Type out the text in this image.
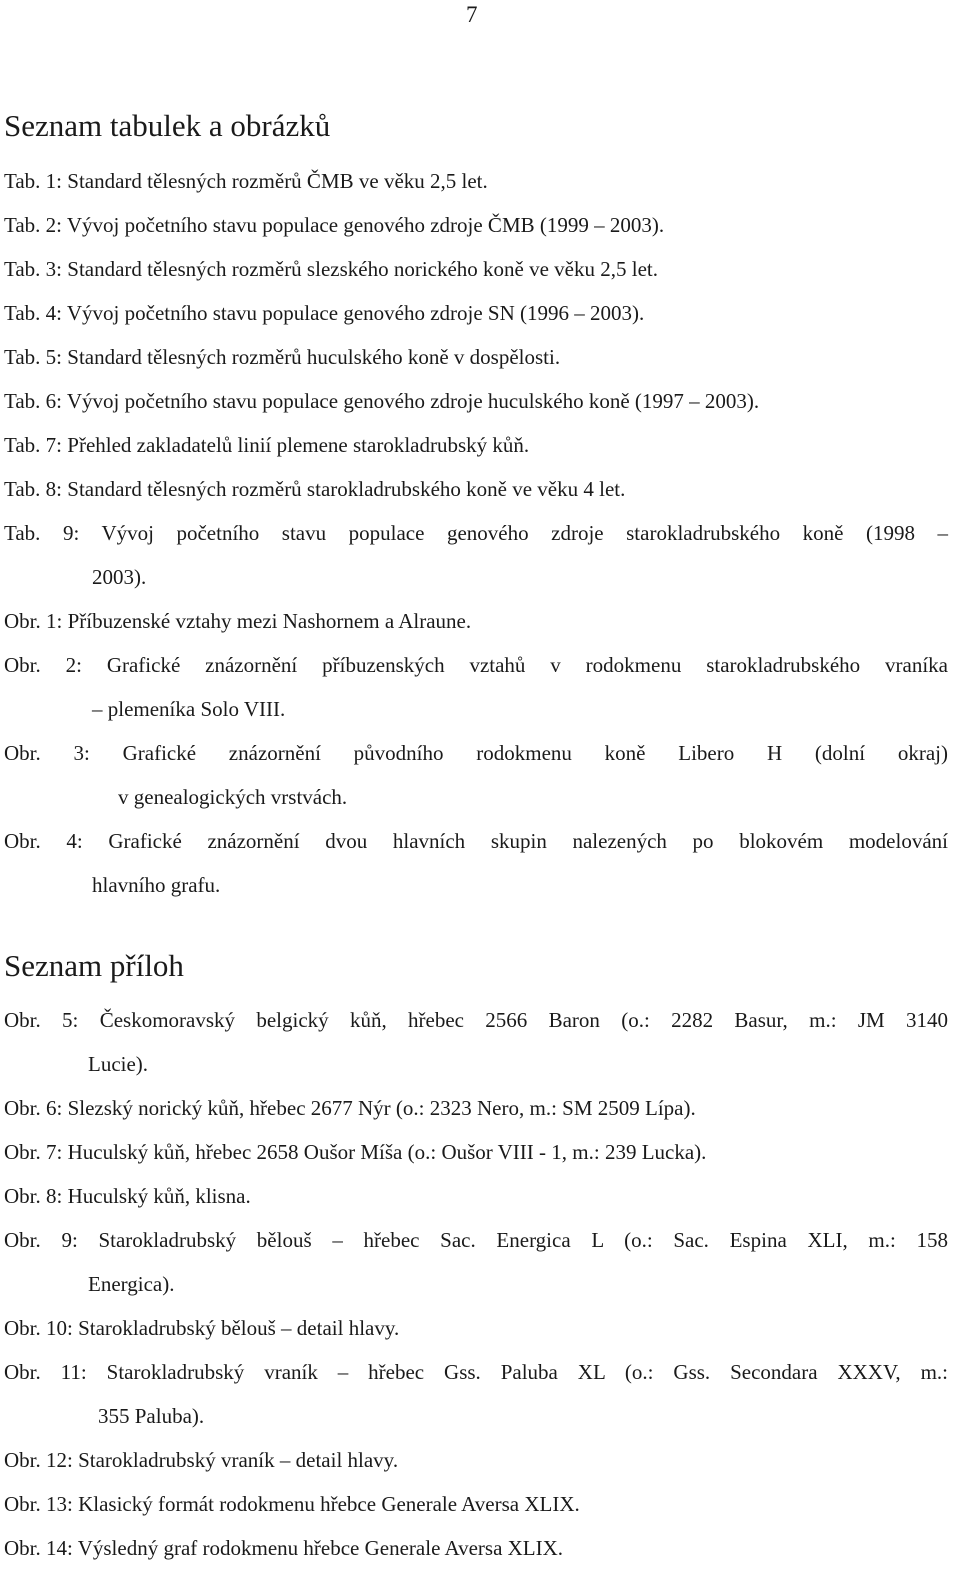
7
Seznam tabulek a obrázků
Tab. 1: Standard tělesných rozměrů ČMB ve věku 2,5 let.
Tab. 2: Vývoj početního stavu populace genového zdroje ČMB (1999 – 2003).
Tab. 3: Standard tělesných rozměrů slezského norického koně ve věku 2,5 let.
Tab. 4: Vývoj početního stavu populace genového zdroje SN (1996 – 2003).
Tab. 5: Standard tělesných rozměrů huculského koně v dospělosti.
Tab. 6: Vývoj početního stavu populace genového zdroje huculského koně (1997 – 2003).
Tab. 7: Přehled zakladatelů linií plemene starokladrubský kůň.
Tab. 8: Standard tělesných rozměrů starokladrubského koně ve věku 4 let.
Tab. 9: Vývoj početního stavu populace genového zdroje starokladrubského koně (1998 –
2003).
Obr. 1: Příbuzenské vztahy mezi Nashornem a Alraune.
Obr. 2: Grafické znázornění příbuzenských vztahů v rodokmenu starokladrubského vraníka
– plemeníka Solo VIII.
Obr. 3: Grafické znázornění původního rodokmenu koně Libero H (dolní okraj)
v genealogických vrstvách.
Obr. 4: Grafické znázornění dvou hlavních skupin nalezených po blokovém modelování
hlavního grafu.
Seznam příloh
Obr. 5: Českomoravský belgický kůň, hřebec 2566 Baron (o.: 2282 Basur, m.: JM 3140
Lucie).
Obr. 6: Slezský norický kůň, hřebec 2677 Nýr (o.: 2323 Nero, m.: SM 2509 Lípa).
Obr. 7: Huculský kůň, hřebec 2658 Oušor Míša (o.: Oušor VIII - 1, m.: 239 Lucka).
Obr. 8: Huculský kůň, klisna.
Obr. 9: Starokladrubský bělouš – hřebec Sac. Energica L (o.: Sac. Espina XLI, m.: 158
Energica).
Obr. 10: Starokladrubský bělouš – detail hlavy.
Obr. 11: Starokladrubský vraník – hřebec Gss. Paluba XL (o.: Gss. Secondara XXXV, m.:
355 Paluba).
Obr. 12: Starokladrubský vraník – detail hlavy.
Obr. 13: Klasický formát rodokmenu hřebce Generale Aversa XLIX.
Obr. 14: Výsledný graf rodokmenu hřebce Generale Aversa XLIX.
